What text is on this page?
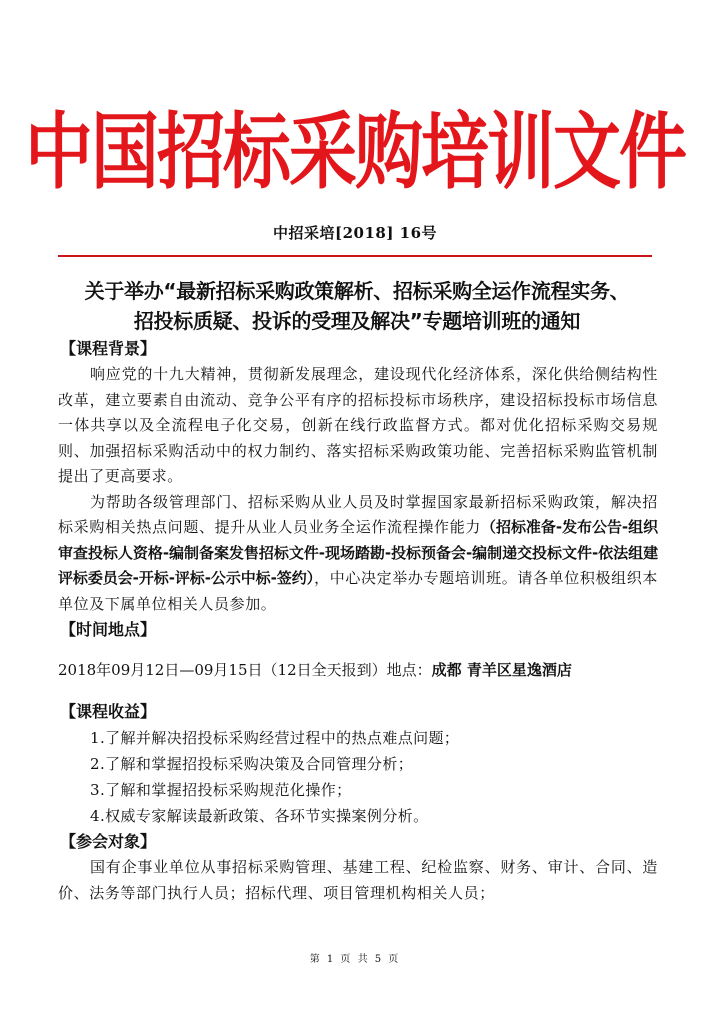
中国招标采购培训文件
中招采培[2018] 16号
关于举办“最新招标采购政策解析、招标采购全运作流程实务、
招投标质疑、投诉的受理及解决”专题培训班的通知
【课程背景】
响应党的十九大精神，贯彻新发展理念，建设现代化经济体系，深化供给侧结构性改革，建立要素自由流动、竞争公平有序的招标投标市场秩序，建设招标投标市场信息一体共享以及全流程电子化交易，创新在线行政监督方式。都对优化招标采购交易规则、加强招标采购活动中的权力制约、落实招标采购政策功能、完善招标采购监管机制提出了更高要求。
为帮助各级管理部门、招标采购从业人员及时掌握国家最新招标采购政策，解决招标采购相关热点问题、提升从业人员业务全运作流程操作能力（招标准备-发布公告-组织审查投标人资格-编制备案发售招标文件-现场踏勘-投标预备会-编制递交投标文件-依法组建评标委员会-开标-评标-公示中标-签约），中心决定举办专题培训班。请各单位积极组织本单位及下属单位相关人员参加。
【时间地点】
2018年09月12日—09月15日（12日全天报到）地点：成都 青羊区星逸酒店
【课程收益】
1.了解并解决招投标采购经营过程中的热点难点问题；
2.了解和掌握招投标采购决策及合同管理分析；
3.了解和掌握招投标采购规范化操作；
4.权威专家解读最新政策、各环节实操案例分析。
【参会对象】
国有企事业单位从事招标采购管理、基建工程、纪检监察、财务、审计、合同、造价、法务等部门执行人员；招标代理、项目管理机构相关人员；
第 1 页 共 5 页
